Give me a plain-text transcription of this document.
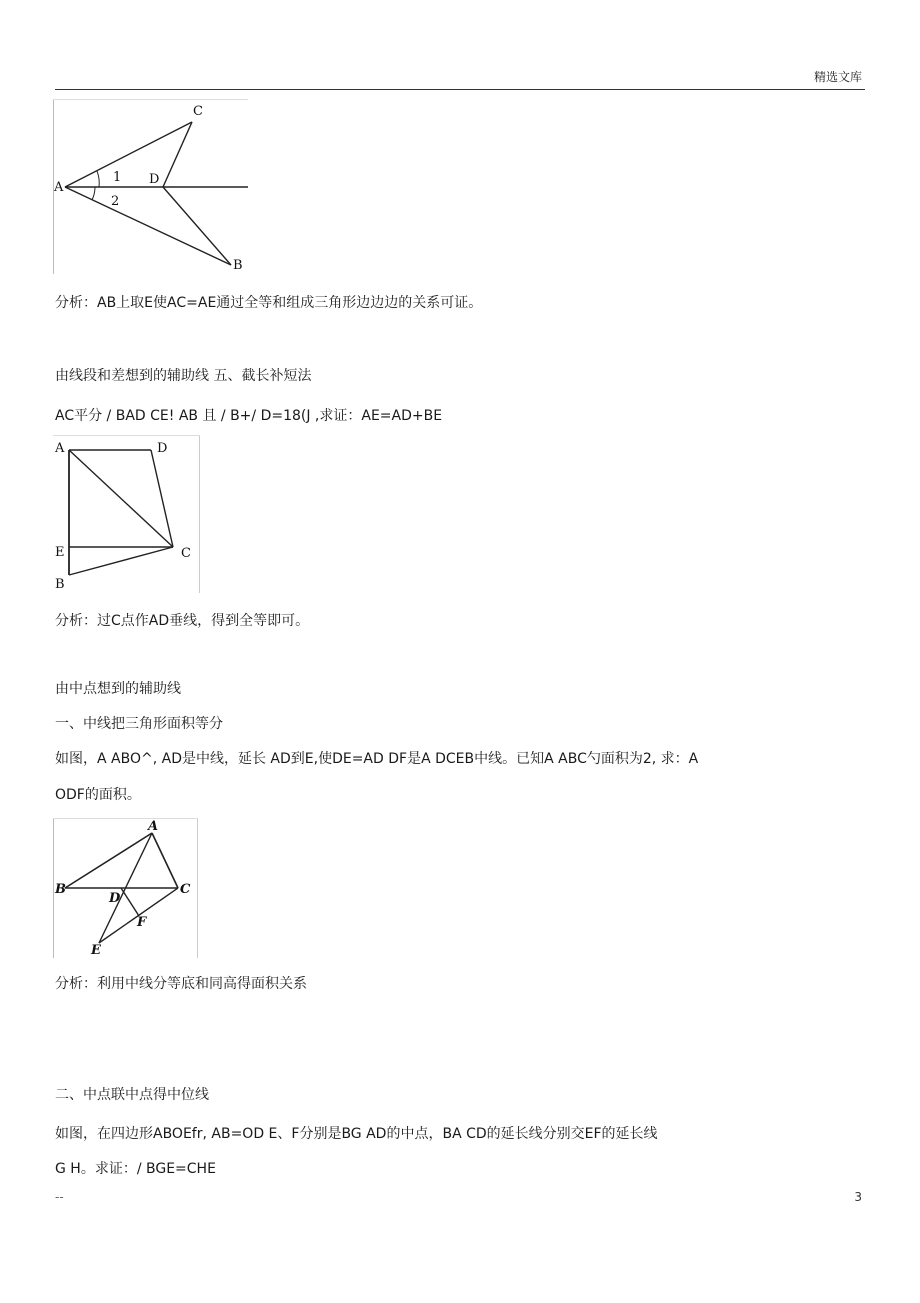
精选文库
A
C
D
B
1
2
分析：AB上取E使AC=AE通过全等和组成三角形边边边的关系可证。
由线段和差想到的辅助线 五、截长补短法
AC平分 / BAD CE! AB 且 / B+/ D=18(J ,求证：AE=AD+BE
A	D
E	C
B
分析：过C点作AD垂线，得到全等即可。
由中点想到的辅助线
一、中线把三角形面积等分
如图，A ABO^, AD是中线，延长 AD到E,使DE=AD DF是A DCEB中线。已知A ABC勺面积为2, 求：A
ODF的面积。
A
B	C
D
F
E
分析：利用中线分等底和同高得面积关系
二、中点联中点得中位线
如图，在四边形ABOEfr, AB=OD E、F分别是BG AD的中点，BA CD的延长线分别交EF的延长线
G H。求证：/ BGE=CHE
--	3
